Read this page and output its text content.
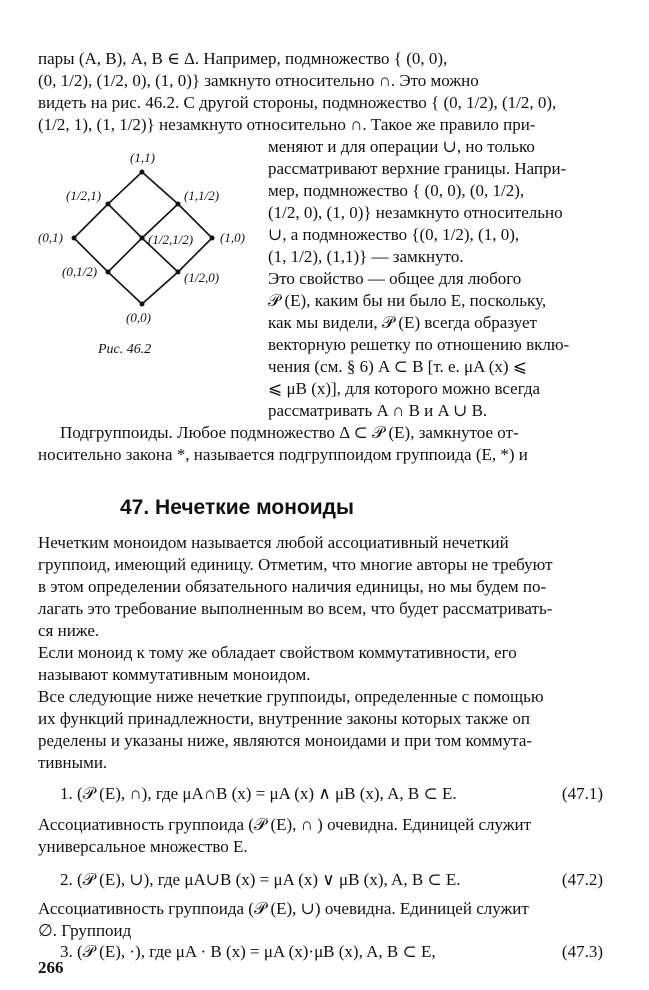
пары (A, B), A, B ∈ Δ. Например, подмножество { (0, 0),
(0, 1/2), (1/2, 0), (1, 0)} замкнуто относительно ∩. Это можно
видеть на рис. 46.2. С другой стороны, подмножество { (0, 1/2), (1/2, 0),
(1/2, 1), (1, 1/2)} незамкнуто относительно ∩. Такое же правило при-
меняют и для операции ∪, но только
рассматривают верхние границы. Напри-
мер, подмножество { (0, 0), (0, 1/2),
(1/2, 0), (1, 0)} незамкнуто относительно
∪, а подмножество {(0, 1/2), (1, 0),
(1, 1/2), (1,1)} — замкнуто.
Это свойство — общее для любого
𝒫 (E), каким бы ни было E, поскольку,
как мы видели, 𝒫 (E) всегда образует
векторную решетку по отношению вклю-
чения (см. § 6) A ⊂ B [т. е. μA (x) ⩽
⩽ μB (x)], для которого можно всегда
рассматривать A ∩ B и A ∪ B.
(1,1)
(1/2,1)	(1,1/2)
(0,1)	(1/2,1/2) (1,0)
(0,1/2)	(1/2,0)
(0,0)
Рис. 46.2
Подгруппоиды. Любое подмножество Δ ⊂ 𝒫 (E), замкнутое от-
носительно закона *, называется подгруппоидом группоида (E, *) и
47. Нечеткие моноиды
Нечетким моноидом называется любой ассоциативный нечеткий
группоид, имеющий единицу. Отметим, что многие авторы не требуют
в этом определении обязательного наличия единицы, но мы будем по-
лагать это требование выполненным во всем, что будет рассматривать-
ся ниже.
Если моноид к тому же обладает свойством коммутативности, его
называют коммутативным моноидом.
Все следующие ниже нечеткие группоиды, определенные с помощью
их функций принадлежности, внутренние законы которых также оп
ределены и указаны ниже, являются моноидами и при том коммута-
тивными.
1. (𝒫 (E), ∩), где μA∩B (x) = μA (x) ∧ μB (x), A, B ⊂ E.	(47.1)
Ассоциативность группоида (𝒫 (E), ∩ ) очевидна. Единицей служит
универсальное множество E.
2. (𝒫 (E), ∪), где μA∪B (x) = μA (x) ∨ μB (x), A, B ⊂ E.	(47.2)
Ассоциативность группоида (𝒫 (E), ∪) очевидна. Единицей служит
∅. Группоид
3. (𝒫 (E), ·), где μA · B (x) = μA (x)·μB (x), A, B ⊂ E,	(47.3)
266
